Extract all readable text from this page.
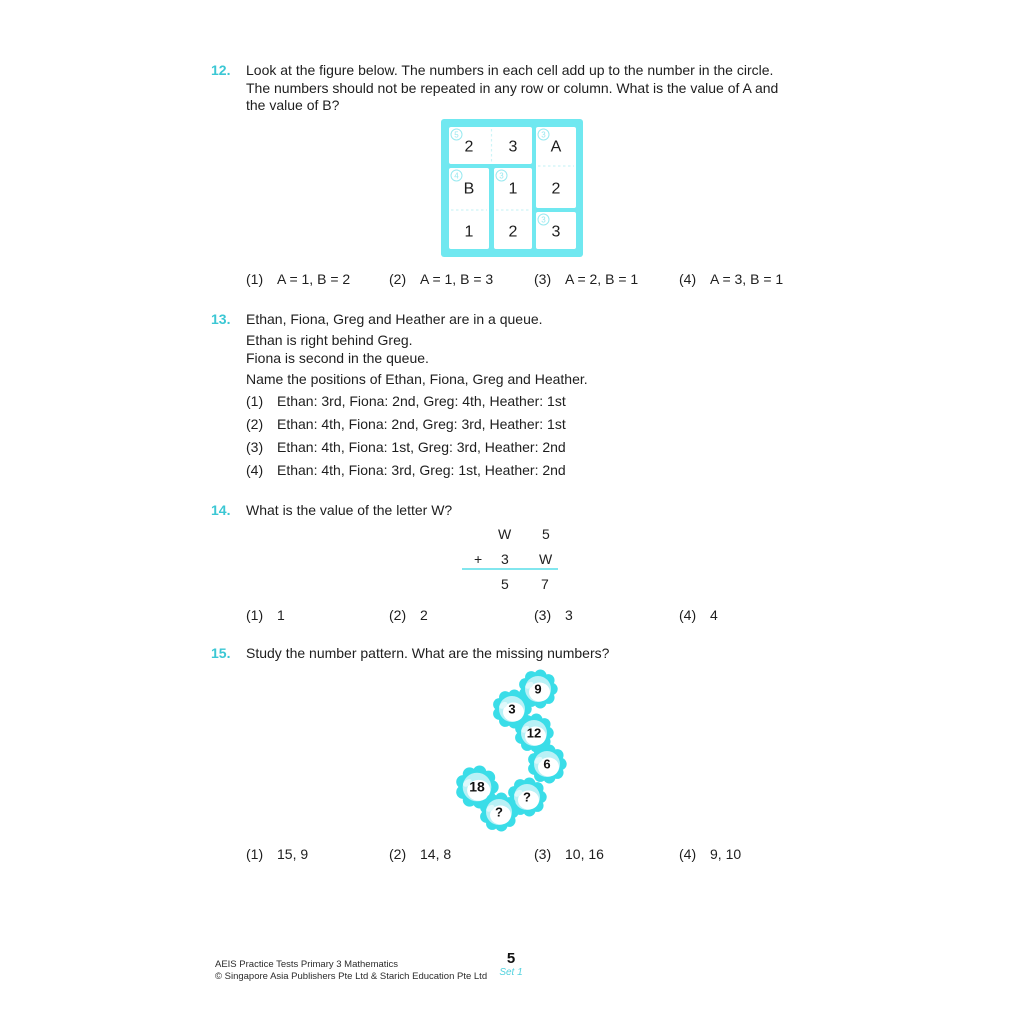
12.	Look at the figure below. The numbers in each cell add up to the number in the circle.
The numbers should not be repeated in any row or column. What is the value of A and
the value of B?
5	3
4	3
3
2 3 A
B 1 2
1 2 3
(1) A = 1, B = 2	(2) A = 1, B = 3	(3) A = 2, B = 1	(4) A = 3, B = 1
13.	Ethan, Fiona, Greg and Heather are in a queue.
Ethan is right behind Greg.
Fiona is second in the queue.
Name the positions of Ethan, Fiona, Greg and Heather.
(1) Ethan: 3rd, Fiona: 2nd, Greg: 4th, Heather: 1st
(2) Ethan: 4th, Fiona: 2nd, Greg: 3rd, Heather: 1st
(3) Ethan: 4th, Fiona: 1st, Greg: 3rd, Heather: 2nd
(4) Ethan: 4th, Fiona: 3rd, Greg: 1st, Heather: 2nd
14.	What is the value of the letter W?
W 5
+ 3 W
5 7
(1) 1	(2) 2	(3) 3	(4) 4
15.	Study the number pattern. What are the missing numbers?
9
3
12
6
18
?
?
(1) 15, 9	(2) 14, 8	(3) 10, 16	(4) 9, 10
AEIS Practice Tests Primary 3 Mathematics
© Singapore Asia Publishers Pte Ltd & Starich Education Pte Ltd
5
Set 1
